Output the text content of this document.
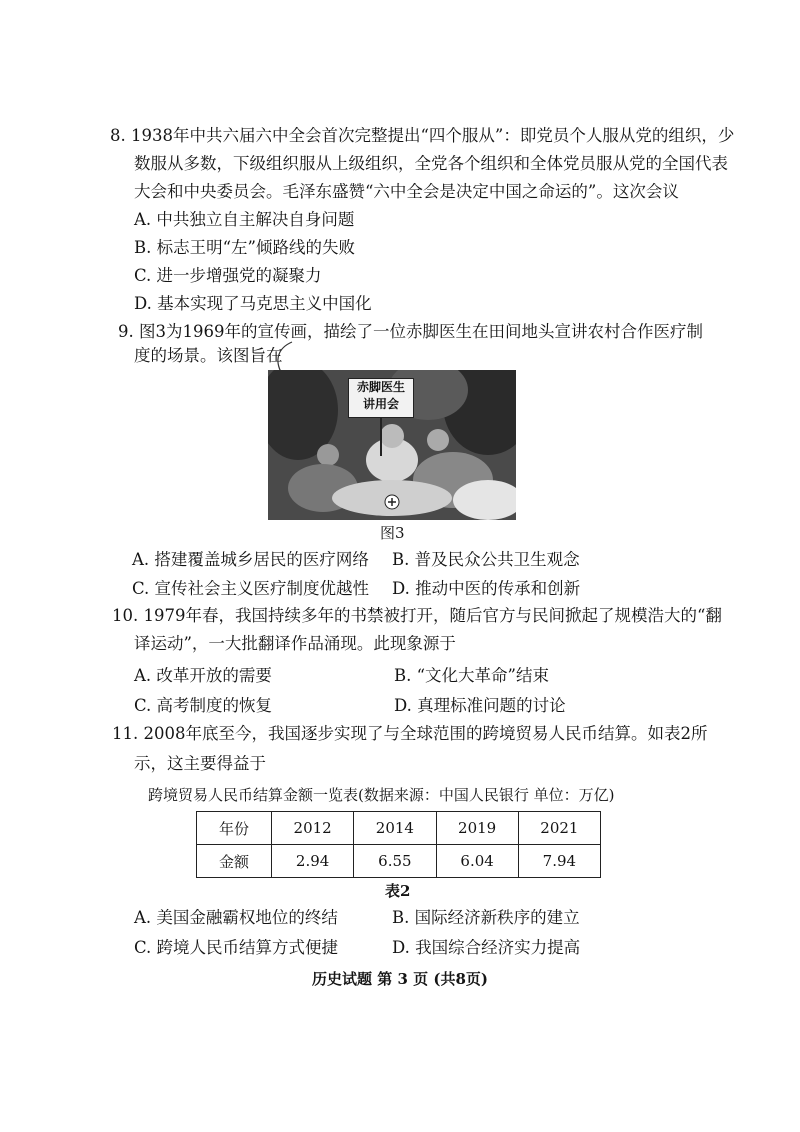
8. 1938年中共六届六中全会首次完整提出“四个服从”：即党员个人服从党的组织，少
数服从多数，下级组织服从上级组织，全党各个组织和全体党员服从党的全国代表
大会和中央委员会。毛泽东盛赞“六中全会是决定中国之命运的”。这次会议
A. 中共独立自主解决自身问题
B. 标志王明“左”倾路线的失败
C. 进一步增强党的凝聚力
D. 基本实现了马克思主义中国化
9. 图3为1969年的宣传画，描绘了一位赤脚医生在田间地头宣讲农村合作医疗制
度的场景。该图旨在
赤脚医生
讲用会
图3
A. 搭建覆盖城乡居民的医疗网络 B. 普及民众公共卫生观念
C. 宣传社会主义医疗制度优越性 D. 推动中医的传承和创新
10. 1979年春，我国持续多年的书禁被打开，随后官方与民间掀起了规模浩大的“翻
译运动”，一大批翻译作品涌现。此现象源于
A. 改革开放的需要	B. “文化大革命”结束
C. 高考制度的恢复	D. 真理标准问题的讨论
11. 2008年底至今，我国逐步实现了与全球范围的跨境贸易人民币结算。如表2所
示，这主要得益于
跨境贸易人民币结算金额一览表(数据来源：中国人民银行 单位：万亿)
年份	2012	2014	2019	2021
金额	2.94	6.55	6.04	7.94
表2
A. 美国金融霸权地位的终结	B. 国际经济新秩序的建立
C. 跨境人民币结算方式便捷	D. 我国综合经济实力提高
历史试题 第 3 页 (共8页)
